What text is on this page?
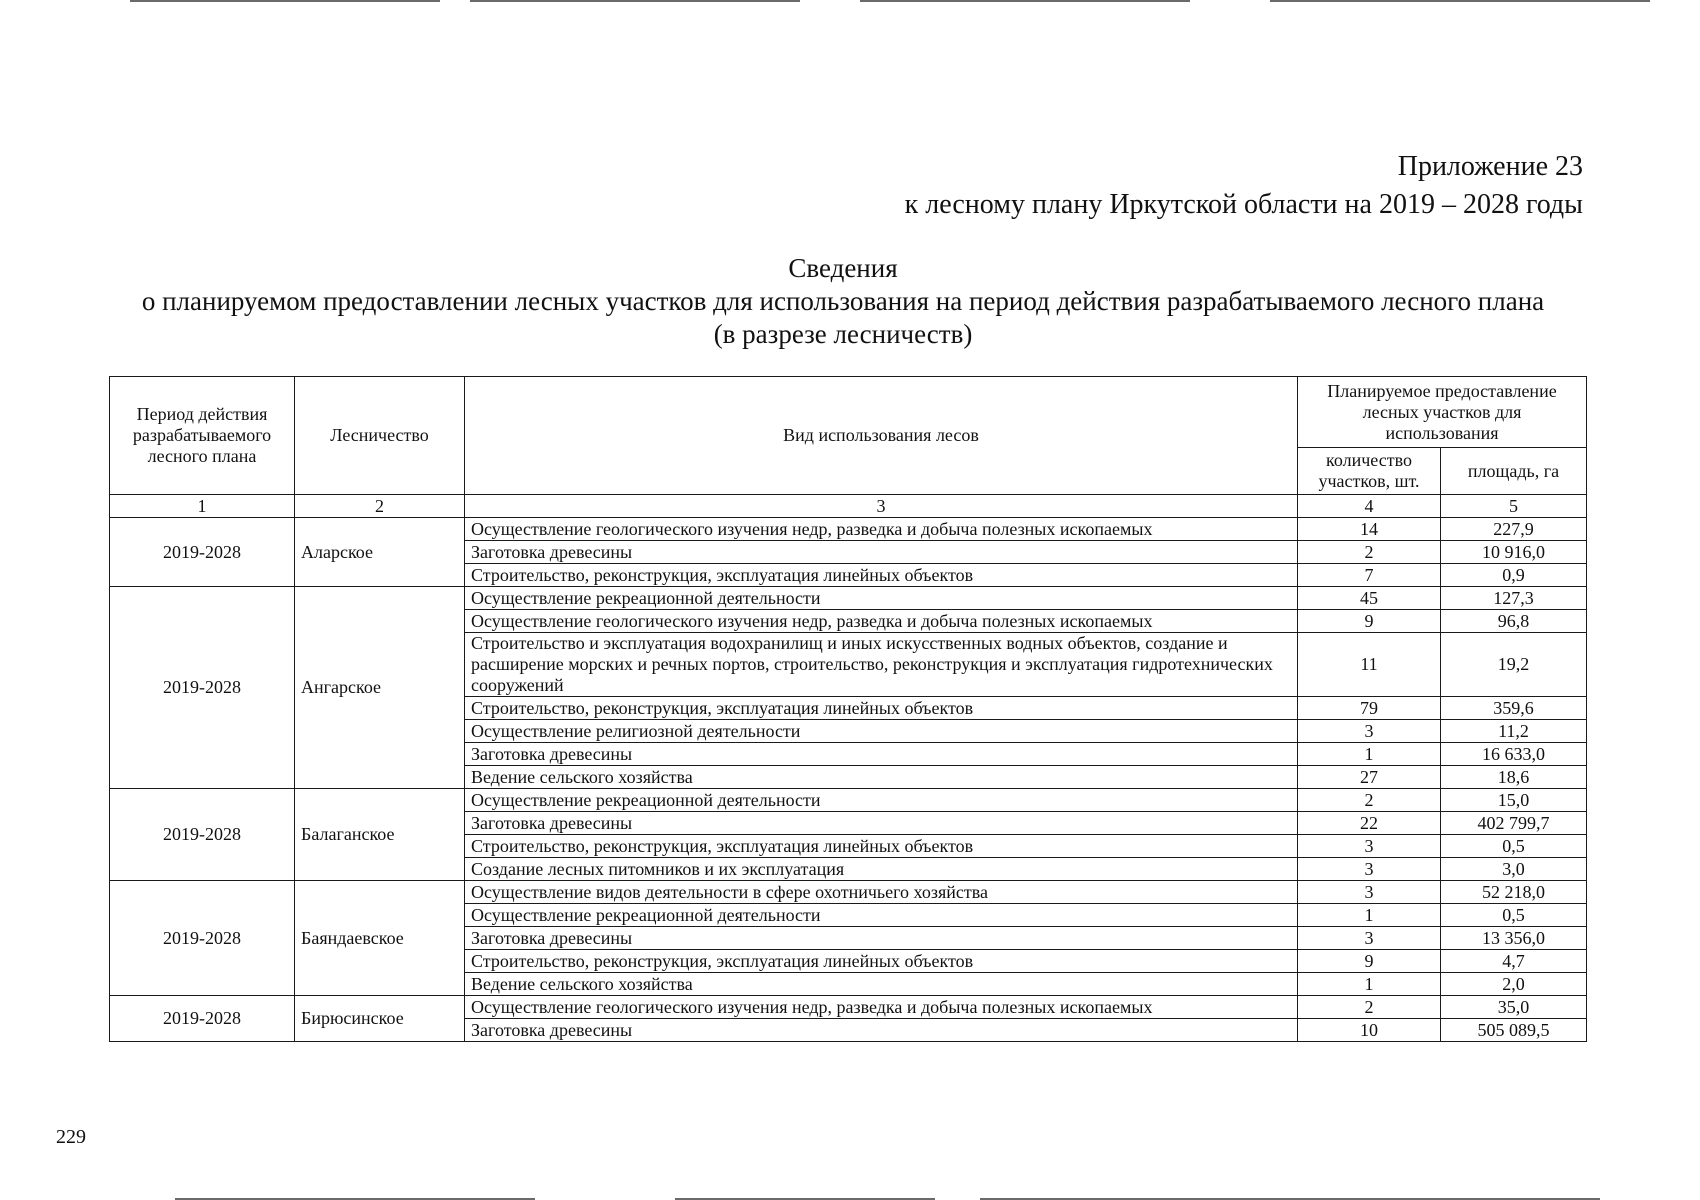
Приложение 23
к лесному плану Иркутской области на 2019 – 2028 годы
Сведения
о планируемом предоставлении лесных участков для использования на период действия разрабатываемого лесного плана
(в разрезе лесничеств)
Период действия разрабатываемого лесного плана	Лесничество	Вид использования лесов	Планируемое предоставление лесных участков для использования	
			количество участков, шт.	площадь, га
1	2	3	4	5
2019-2028	Аларское	Осуществление геологического изучения недр, разведка и добыча полезных ископаемых	14	227,9
		Заготовка древесины	2	10 916,0
		Строительство, реконструкция, эксплуатация линейных объектов	7	0,9
2019-2028	Ангарское	Осуществление рекреационной деятельности	45	127,3
		Осуществление геологического изучения недр, разведка и добыча полезных ископаемых	9	96,8
		Строительство и эксплуатация водохранилищ и иных искусственных водных объектов, создание и расширение морских и речных портов, строительство, реконструкция и эксплуатация гидротехнических сооружений	11	19,2
		Строительство, реконструкция, эксплуатация линейных объектов	79	359,6
		Осуществление религиозной деятельности	3	11,2
		Заготовка древесины	1	16 633,0
		Ведение сельского хозяйства	27	18,6
2019-2028	Балаганское	Осуществление рекреационной деятельности	2	15,0
		Заготовка древесины	22	402 799,7
		Строительство, реконструкция, эксплуатация линейных объектов	3	0,5
		Создание лесных питомников и их эксплуатация	3	3,0
2019-2028	Баяндаевское	Осуществление видов деятельности в сфере охотничьего хозяйства	3	52 218,0
		Осуществление рекреационной деятельности	1	0,5
		Заготовка древесины	3	13 356,0
		Строительство, реконструкция, эксплуатация линейных объектов	9	4,7
		Ведение сельского хозяйства	1	2,0
2019-2028	Бирюсинское	Осуществление геологического изучения недр, разведка и добыча полезных ископаемых	2	35,0
		Заготовка древесины	10	505 089,5
229
